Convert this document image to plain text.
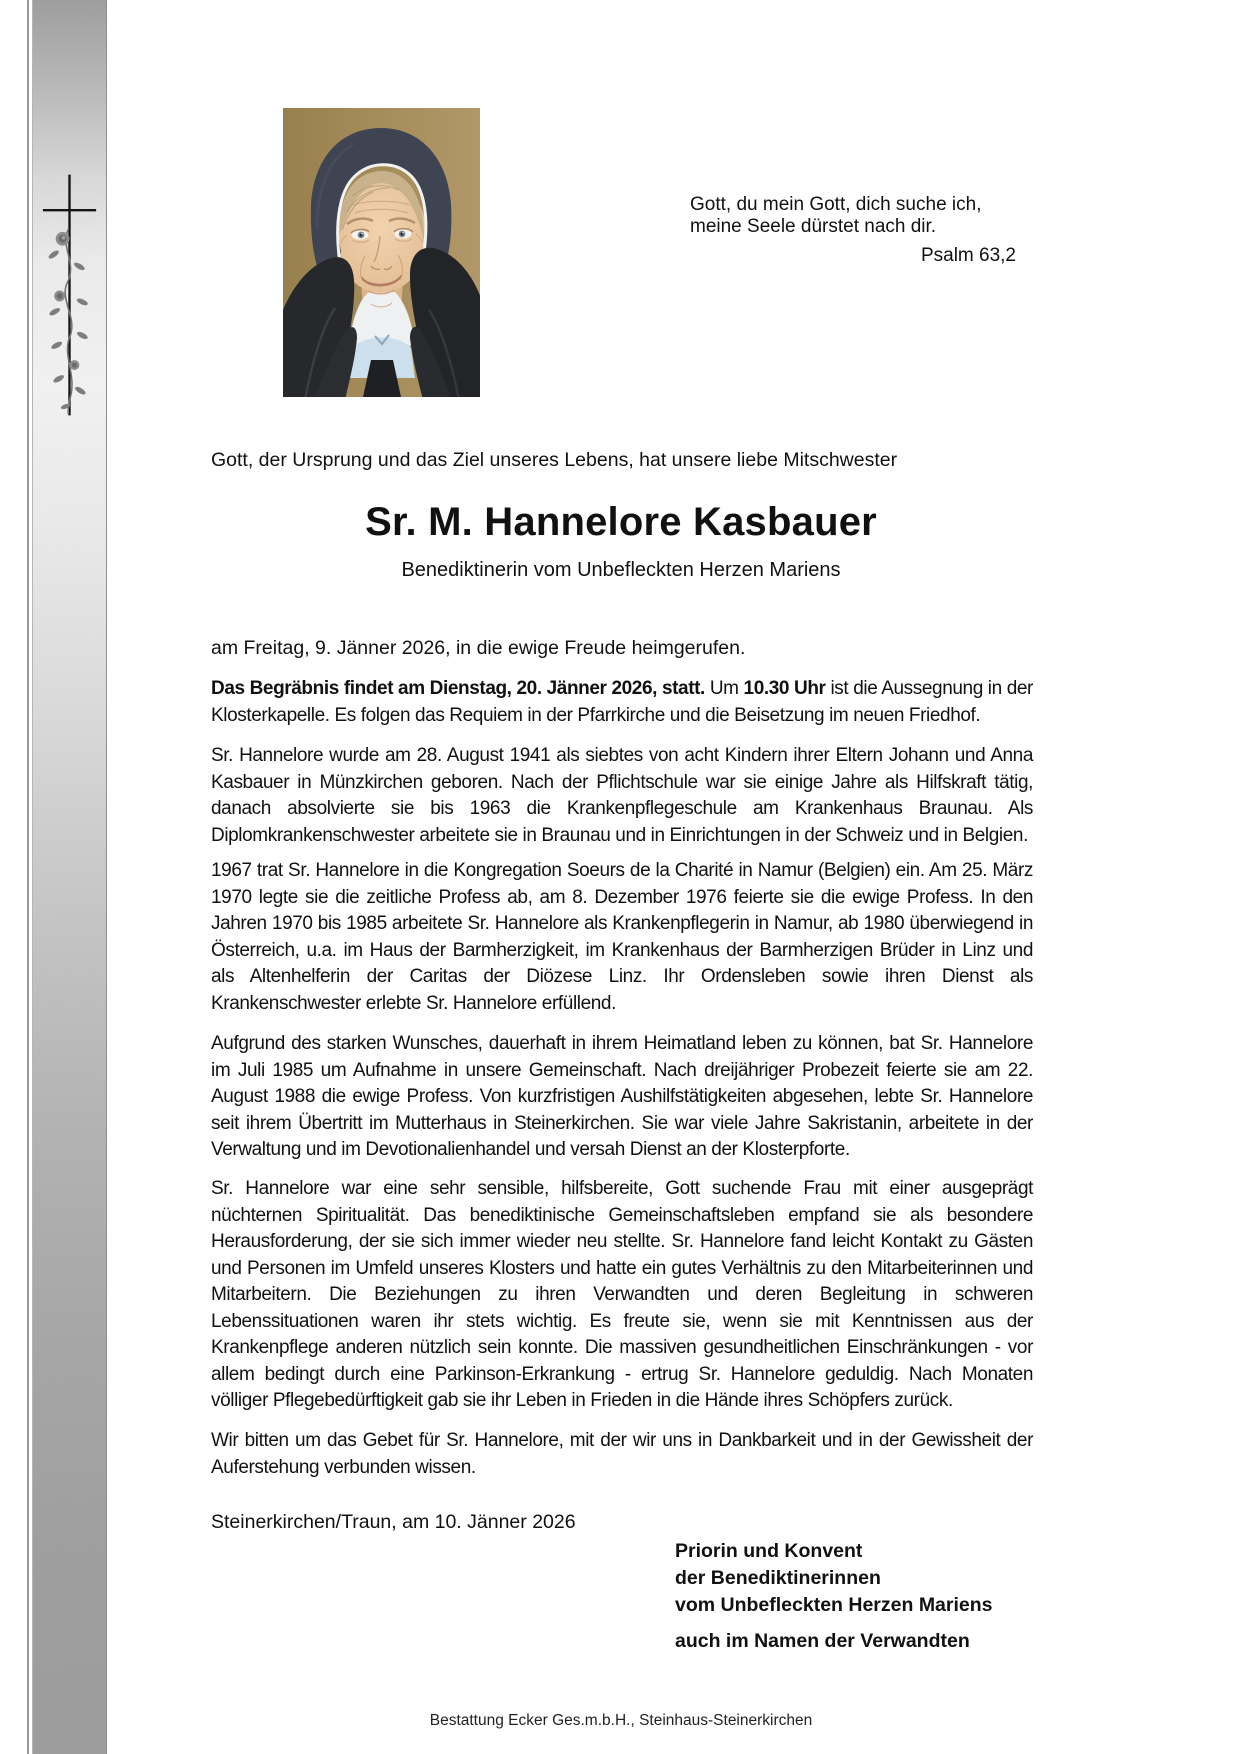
Gott, du mein Gott, dich suche ich,
meine Seele dürstet nach dir.
Psalm 63,2
Gott, der Ursprung und das Ziel unseres Lebens, hat unsere liebe Mitschwester
Sr. M. Hannelore Kasbauer
Benediktinerin vom Unbefleckten Herzen Mariens
am Freitag, 9. Jänner 2026, in die ewige Freude heimgerufen.
Das Begräbnis findet am Dienstag, 20. Jänner 2026, statt. Um 10.30 Uhr ist die Aussegnung in der Klosterkapelle. Es folgen das Requiem in der Pfarrkirche und die Beisetzung im neuen Friedhof.
Sr. Hannelore wurde am 28. August 1941 als siebtes von acht Kindern ihrer Eltern Johann und Anna Kasbauer in Münzkirchen geboren. Nach der Pflichtschule war sie einige Jahre als Hilfskraft tätig, danach absolvierte sie bis 1963 die Krankenpflegeschule am Krankenhaus Braunau. Als Diplomkrankenschwester arbeitete sie in Braunau und in Einrichtungen in der Schweiz und in Belgien.
1967 trat Sr. Hannelore in die Kongregation Soeurs de la Charité in Namur (Belgien) ein. Am 25. März 1970 legte sie die zeitliche Profess ab, am 8. Dezember 1976 feierte sie die ewige Profess. In den Jahren 1970 bis 1985 arbeitete Sr. Hannelore als Krankenpflegerin in Namur, ab 1980 überwiegend in Österreich, u.a. im Haus der Barmherzigkeit, im Krankenhaus der Barmherzigen Brüder in Linz und als Altenhelferin der Caritas der Diözese Linz. Ihr Ordensleben sowie ihren Dienst als Krankenschwester erlebte Sr. Hannelore erfüllend.
Aufgrund des starken Wunsches, dauerhaft in ihrem Heimatland leben zu können, bat Sr. Hannelore im Juli 1985 um Aufnahme in unsere Gemeinschaft. Nach dreijähriger Probezeit feierte sie am 22. August 1988 die ewige Profess. Von kurzfristigen Aushilfstätigkeiten abgesehen, lebte Sr. Hannelore seit ihrem Übertritt im Mutterhaus in Steinerkirchen. Sie war viele Jahre Sakristanin, arbeitete in der Verwaltung und im Devotionalienhandel und versah Dienst an der Klosterpforte.
Sr. Hannelore war eine sehr sensible, hilfsbereite, Gott suchende Frau mit einer ausgeprägt nüchternen Spiritualität. Das benediktinische Gemeinschaftsleben empfand sie als besondere Herausforderung, der sie sich immer wieder neu stellte. Sr. Hannelore fand leicht Kontakt zu Gästen und Personen im Umfeld unseres Klosters und hatte ein gutes Verhältnis zu den Mitarbeiterinnen und Mitarbeitern. Die Beziehungen zu ihren Verwandten und deren Begleitung in schweren Lebenssituationen waren ihr stets wichtig. Es freute sie, wenn sie mit Kenntnissen aus der Krankenpflege anderen nützlich sein konnte. Die massiven gesundheitlichen Einschränkungen - vor allem bedingt durch eine Parkinson-Erkrankung - ertrug Sr. Hannelore geduldig. Nach Monaten völliger Pflegebedürftigkeit gab sie ihr Leben in Frieden in die Hände ihres Schöpfers zurück.
Wir bitten um das Gebet für Sr. Hannelore, mit der wir uns in Dankbarkeit und in der Gewissheit der Auferstehung verbunden wissen.
Steinerkirchen/Traun, am 10. Jänner 2026
Priorin und Konvent
der Benediktinerinnen
vom Unbefleckten Herzen Mariens
auch im Namen der Verwandten
Bestattung Ecker Ges.m.b.H., Steinhaus-Steinerkirchen
